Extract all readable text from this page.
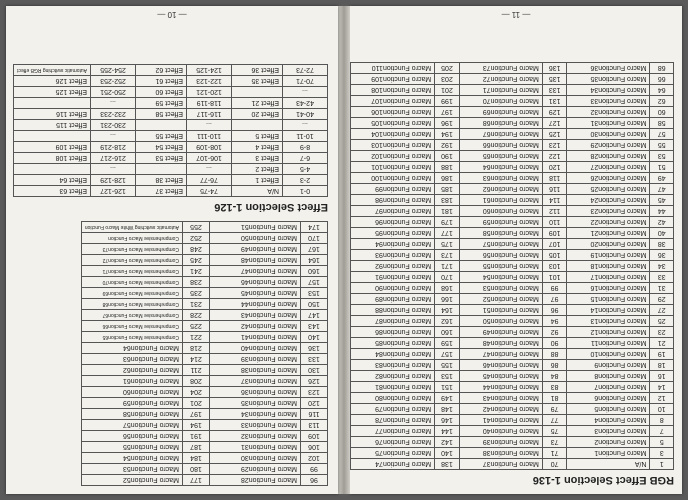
RGB Effect Selection 1-136
1	N/A	70	Macro Function37	138	Macro Function74
3	Macro Function1	71	Macro Function38	140	Macro Function75
5	Macro Function2	73	Macro Function39	142	Macro Function76
7	Macro Function3	75	Macro Function40	144	Macro Function77
8	Macro Function4	77	Macro Function41	146	Macro Function78
10	Macro Function5	79	Macro Function42	148	Macro Function79
12	Macro Function6	81	Macro Function43	149	Macro Function80
14	Macro Function7	83	Macro Function44	151	Macro Function81
16	Macro Function8	84	Macro Function45	153	Macro Function82
18	Macro Function9	86	Macro Function46	155	Macro Function83
19	Macro Function10	88	Macro Function47	157	Macro Function84
21	Macro Function11	90	Macro Function48	159	Macro Function85
23	Macro Function12	92	Macro Function49	160	Macro Function86
25	Macro Function13	94	Macro Function50	162	Macro Function87
27	Macro Function14	96	Macro Function51	164	Macro Function88
29	Macro Function15	97	Macro Function52	166	Macro Function89
31	Macro Function16	99	Macro Function53	168	Macro Function90
33	Macro Function17	101	Macro Function54	170	Macro Function91
34	Macro Function18	103	Macro Function55	171	Macro Function92
36	Macro Function19	105	Macro Function56	173	Macro Function93
38	Macro Function20	107	Macro Function57	175	Macro Function94
40	Macro Function21	109	Macro Function58	177	Macro Function95
42	Macro Function22	110	Macro Function59	179	Macro Function96
44	Macro Function23	112	Macro Function60	181	Macro Function97
45	Macro Function24	114	Macro Function61	183	Macro Function98
47	Macro Function25	116	Macro Function62	185	Macro Function99
49	Macro Function26	118	Macro Function63	186	Macro Function100
51	Macro Function27	120	Macro Function64	188	Macro Function101
53	Macro Function28	122	Macro Function65	190	Macro Function102
55	Macro Function29	123	Macro Function66	192	Macro Function103
57	Macro Function30	125	Macro Function67	194	Macro Function104
58	Macro Function31	127	Macro Function68	196	Macro Function105
60	Macro Function32	129	Macro Function69	197	Macro Function106
62	Macro Function33	131	Macro Function70	199	Macro Function107
64	Macro Function34	133	Macro Function71	201	Macro Function108
66	Macro Function35	135	Macro Function72	203	Macro Function109
68	Macro Function36	136	Macro Function73	205	Macro Function110
— 11 —
96	Macro Function28	177	Macro Function52
99	Macro Function29	180	Macro Function53
102	Macro Function30	184	Macro Function54
106	Macro Function31	187	Macro Function55
109	Macro Function32	191	Macro Function56
113	Macro Function33	194	Macro Function57
116	Macro Function34	197	Macro Function58
120	Macro Function35	201	Macro Function59
123	Macro Function36	204	Macro Function60
126	Macro Function37	208	Macro Function61
130	Macro Function38	211	Macro Function62
133	Macro Function39	214	Macro Function63
136	Macro Function40	218	Macro Function64
140	Macro Function41	221	Comprehensive Macro Function65
143	Macro Function42	225	Comprehensive Macro Function66
147	Macro Function43	228	Comprehensive Macro Function67
150	Macro Function44	231	Comprehensive Macro Function68
153	Macro Function45	235	Comprehensive Macro Function69
157	Macro Function46	238	Comprehensive Macro Function70
160	Macro Function47	241	Comprehensive Macro Function71
164	Macro Function48	245	Comprehensive Macro Function72
167	Macro Function49	248	Comprehensive Macro Function73
170	Macro Function50	252	Comprehensive Macro Function
174	Macro Function51	255	Automatic switching White Macro Function
Effect Selection 1-126
0-1	N/A	74-75	Effect 37	126-127	Effect 63
2-3	Effect 1	76-77	Effect 38	128-129	Effect 64
4-5	Effect 2	...		...	
6-7	Effect 3	106-107	Effect 53	216-217	Effect 108
8-9	Effect 4	108-109	Effect 54	218-219	Effect 109
10-11	Effect 5	110-111	Effect 55	...	
...		...		230-231	Effect 115
40-41	Effect 20	116-117	Effect 58	232-233	Effect 116
42-43	Effect 21	118-119	Effect 59	...	
...		120-121	Effect 60	250-251	Effect 125
70-71	Effect 35	122-123	Effect 61	252-253	Effect 126
72-73	Effect 36	124-125	Effect 62	254-255	Automatic switching RGB effect
— 10 —
